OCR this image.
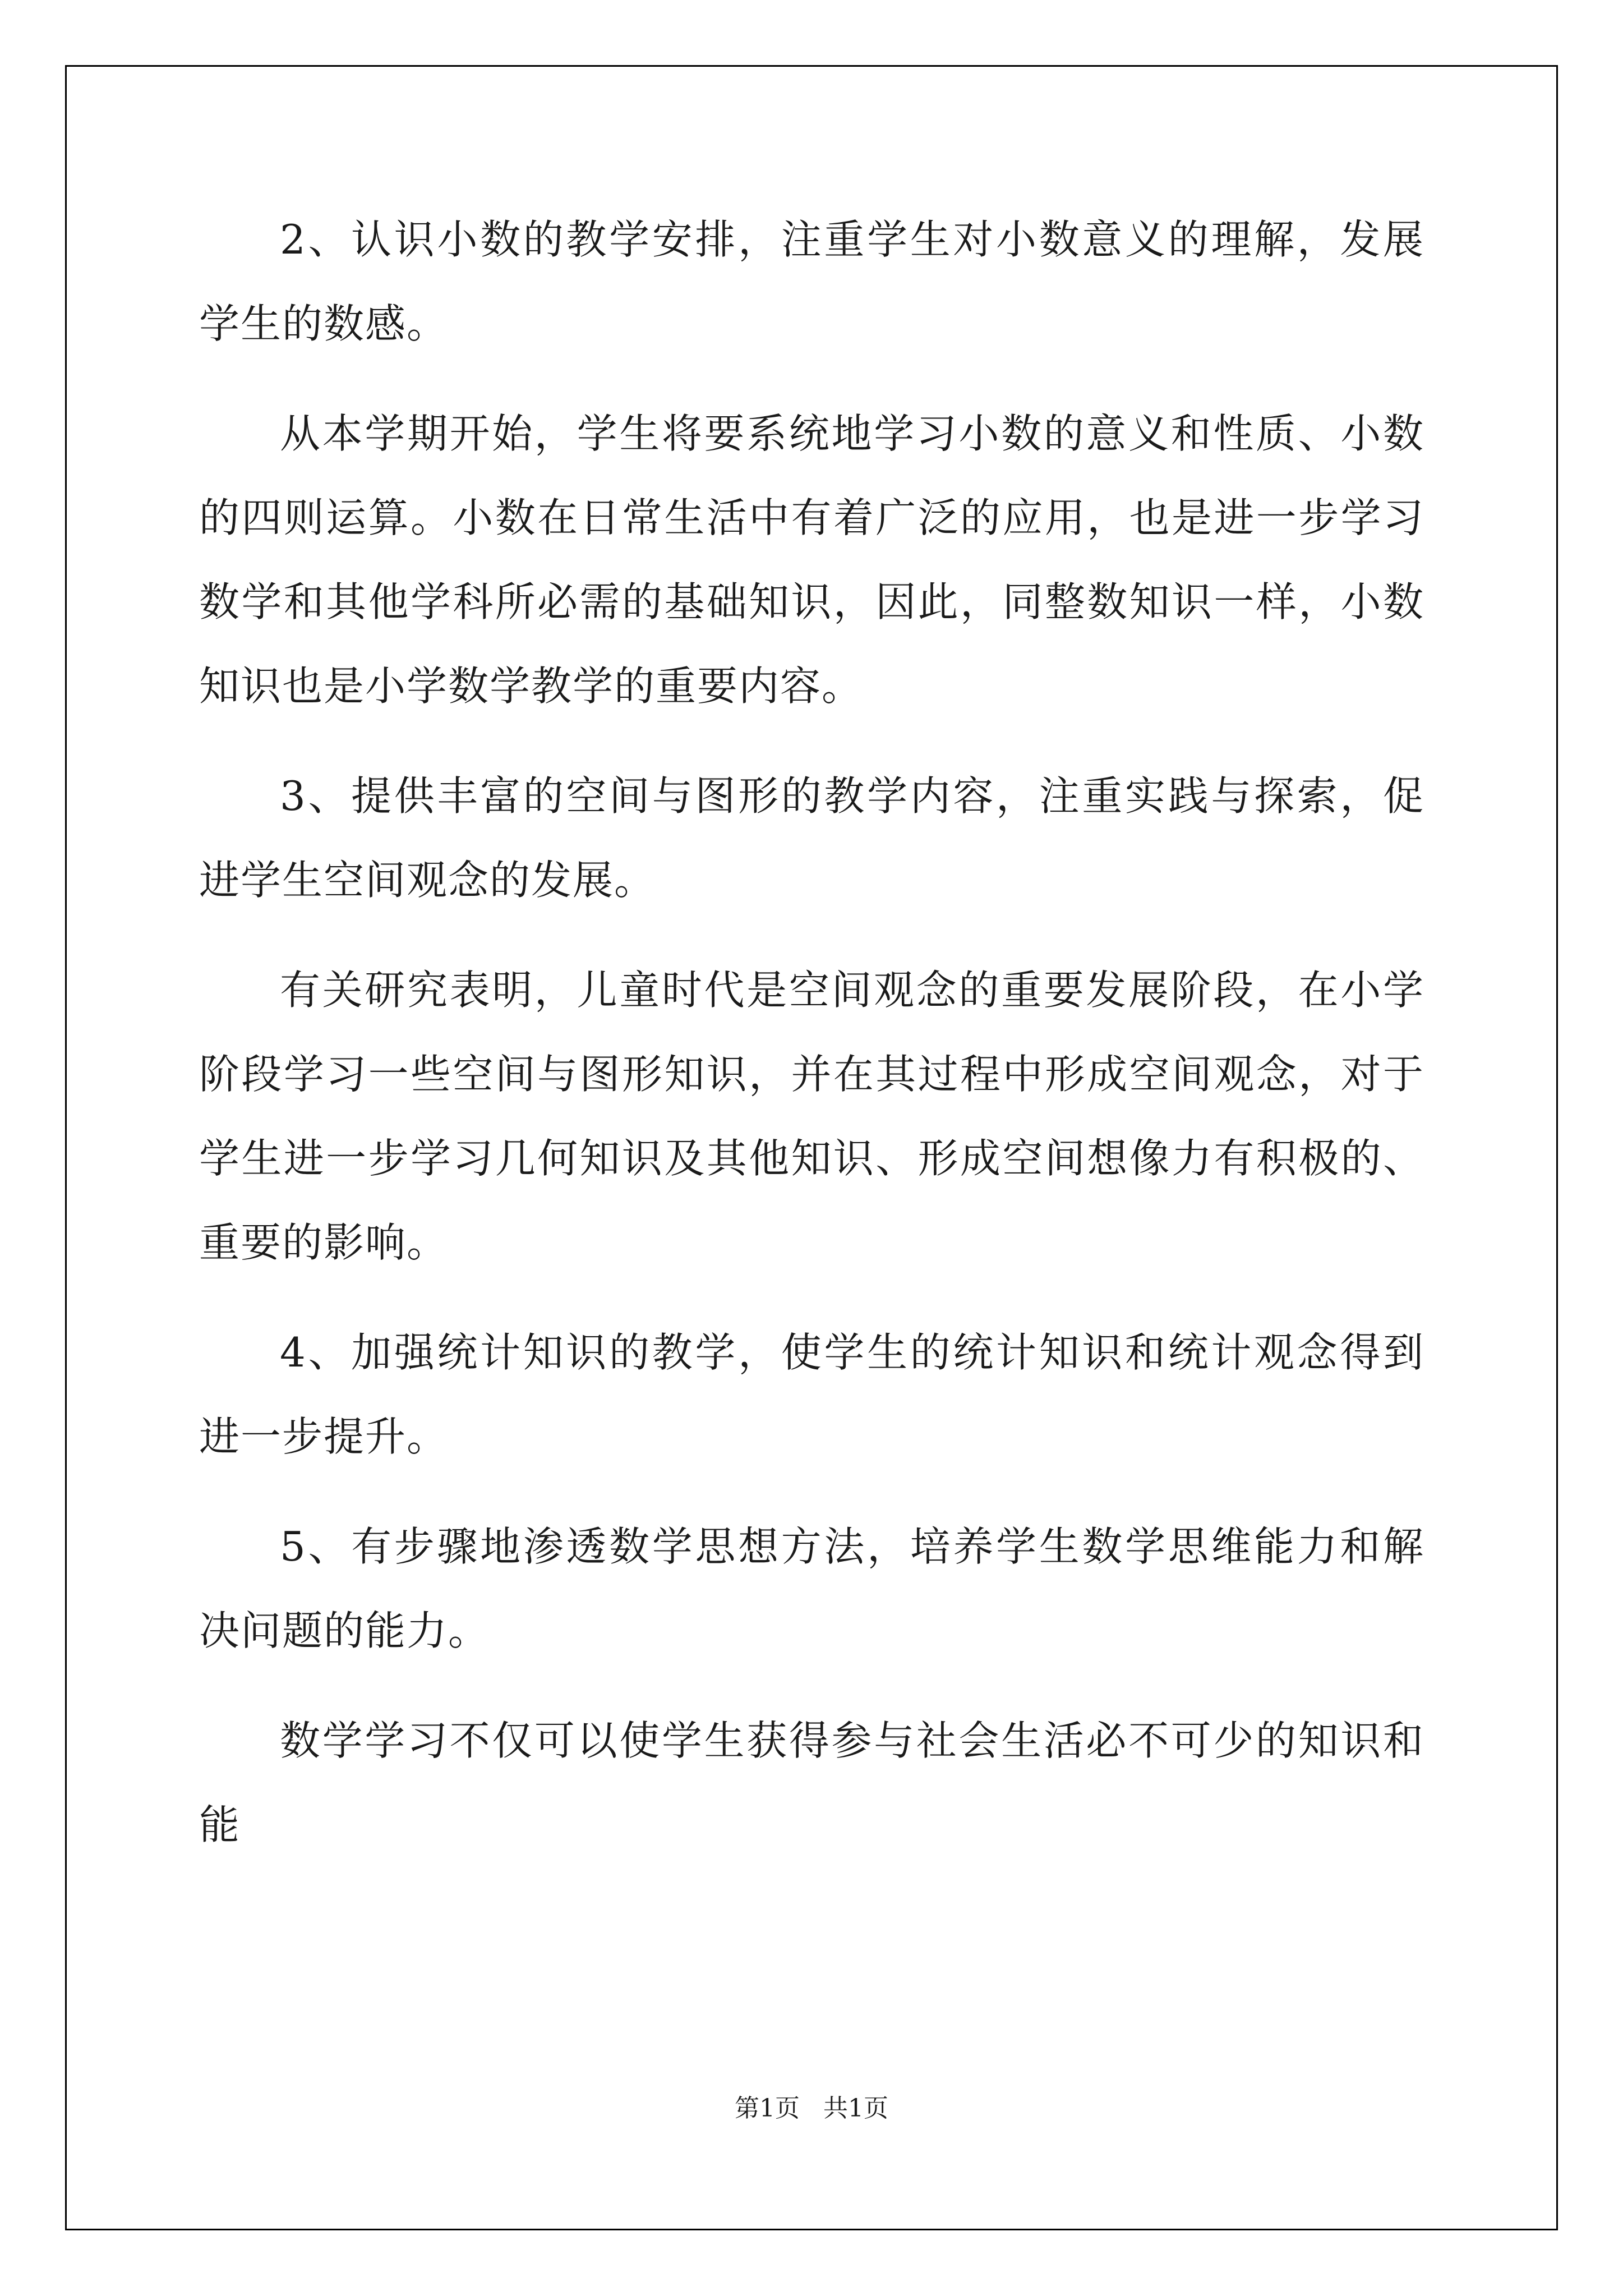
2、认识小数的教学安排，注重学生对小数意义的理解，发展学生的数感。

从本学期开始，学生将要系统地学习小数的意义和性质、小数的四则运算。小数在日常生活中有着广泛的应用，也是进一步学习数学和其他学科所必需的基础知识，因此，同整数知识一样，小数知识也是小学数学教学的重要内容。

3、提供丰富的空间与图形的教学内容，注重实践与探索，促进学生空间观念的发展。

有关研究表明，儿童时代是空间观念的重要发展阶段，在小学阶段学习一些空间与图形知识，并在其过程中形成空间观念，对于学生进一步学习几何知识及其他知识、形成空间想像力有积极的、重要的影响。

4、加强统计知识的教学，使学生的统计知识和统计观念得到进一步提升。

5、有步骤地渗透数学思想方法，培养学生数学思维能力和解决问题的能力。

数学学习不仅可以使学生获得参与社会生活必不可少的知识和能

第1页 共1页
